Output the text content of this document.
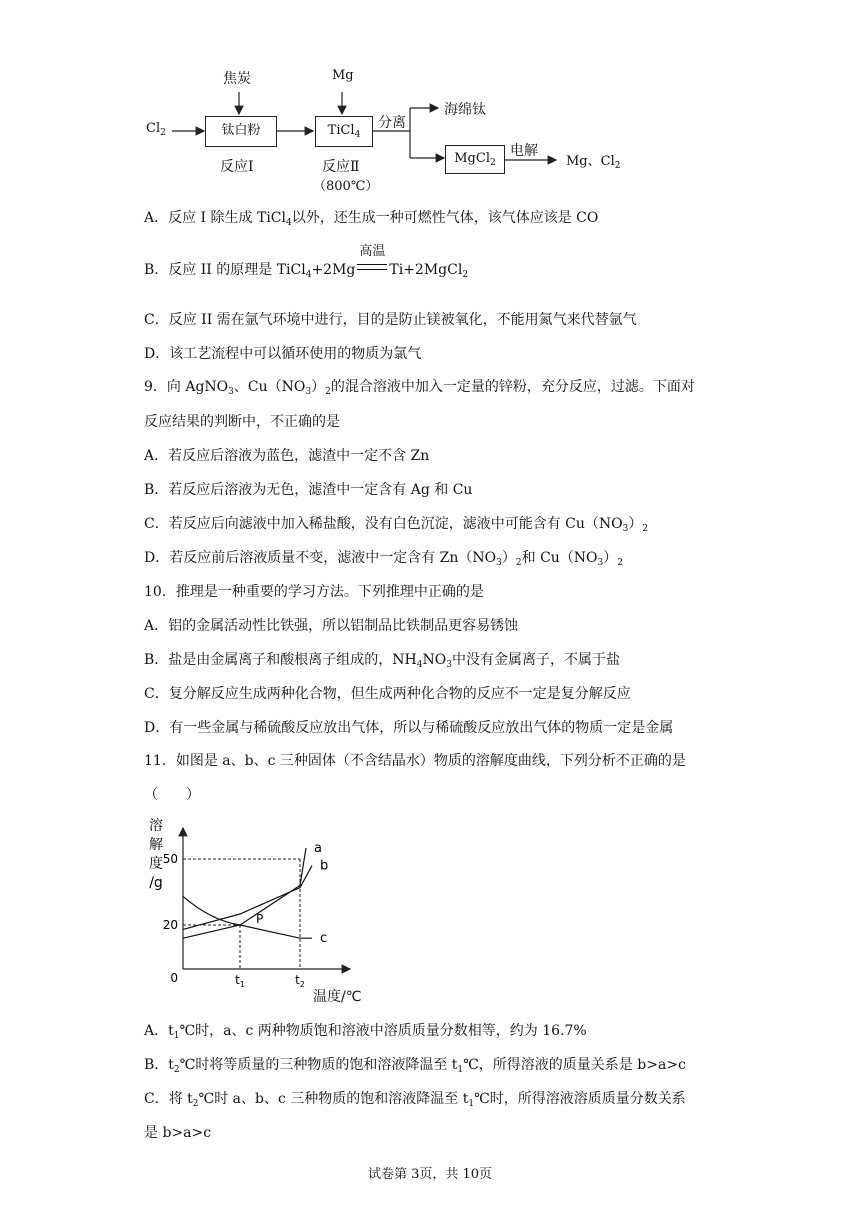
$Cl_2$
焦炭
钛白粉
反应Ⅰ
Mg
TiCl$_4$
反应Ⅱ
（800℃）
分离
海绵钛
MgCl$_2$
电解
Mg、$Cl_2$
A．反应 I 除生成 TiCl$_4$以外，还生成一种可燃性气体，该气体应该是 CO
B．反应 II 的原理是 TiCl$_4$+2Mg
高温
Ti+2MgCl$_2$
C．反应 II 需在氩气环境中进行，目的是防止镁被氧化，不能用氮气来代替氩气
D．该工艺流程中可以循环使用的物质为氯气
9．向 AgNO$_3$、$Cu(NO_3)_2$的混合溶液中加入一定量的锌粉，充分反应，过滤。下面对
反应结果的判断中，不正确的是
A．若反应后溶液为蓝色，滤渣中一定不含 Zn
B．若反应后溶液为无色，滤渣中一定含有 Ag 和 Cu
C．若反应后向滤液中加入稀盐酸，没有白色沉淀，滤液中可能含有 $Cu(NO_3)_2$
D．若反应前后溶液质量不变，滤液中一定含有 $Zn(NO_3)_2$和 $Cu(NO_3)_2$
10．推理是一种重要的学习方法。下列推理中正确的是
A．铝的金属活动性比铁强，所以铝制品比铁制品更容易锈蚀
B．盐是由金属离子和酸根离子组成的，$NH_4NO_3$中没有金属离子，不属于盐
C．复分解反应生成两种化合物，但生成两种化合物的反应不一定是复分解反应
D．有一些金属与稀硫酸反应放出气体，所以与稀硫酸反应放出气体的物质一定是金属
11．如图是 a、b、c 三种固体（不含结晶水）物质的溶解度曲线，下列分析不正确的是
（　　）
溶
解
度
/g
0
20
50
$t_1$	$t_2$
a
b
c
P
温度/℃
A．$t_1℃$时，a、c 两种物质饱和溶液中溶质质量分数相等，约为 16.7%
B．$t_2℃$时将等质量的三种物质的饱和溶液降温至 $t_1℃$，所得溶液的质量关系是 b>a>c
C．将 $t_2℃$时 a、b、c 三种物质的饱和溶液降温至 $t_1℃$时，所得溶液溶质质量分数关系
是 b>a>c
试卷第 3页，共 10页
